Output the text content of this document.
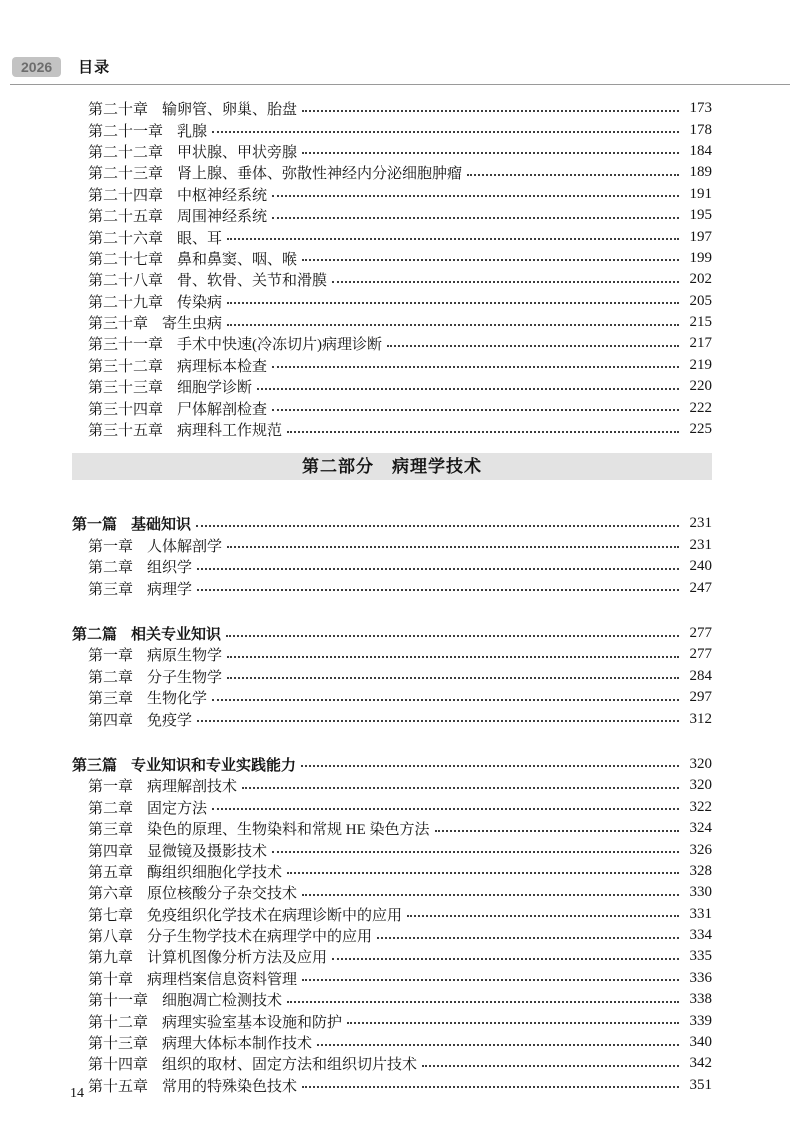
2026	目录
第二十章 输卵管、卵巢、胎盘	173
第二十一章 乳腺	178
第二十二章 甲状腺、甲状旁腺	184
第二十三章 肾上腺、垂体、弥散性神经内分泌细胞肿瘤	189
第二十四章 中枢神经系统	191
第二十五章 周围神经系统	195
第二十六章 眼、耳	197
第二十七章 鼻和鼻窦、咽、喉	199
第二十八章 骨、软骨、关节和滑膜	202
第二十九章 传染病	205
第三十章 寄生虫病	215
第三十一章 手术中快速(冷冻切片)病理诊断	217
第三十二章 病理标本检查	219
第三十三章 细胞学诊断	220
第三十四章 尸体解剖检查	222
第三十五章 病理科工作规范	225
第二部分　病理学技术
第一篇 基础知识	231
第一章 人体解剖学	231
第二章 组织学	240
第三章 病理学	247
第二篇 相关专业知识	277
第一章 病原生物学	277
第二章 分子生物学	284
第三章 生物化学	297
第四章 免疫学	312
第三篇 专业知识和专业实践能力	320
第一章 病理解剖技术	320
第二章 固定方法	322
第三章 染色的原理、生物染料和常规 HE 染色方法	324
第四章 显微镜及摄影技术	326
第五章 酶组织细胞化学技术	328
第六章 原位核酸分子杂交技术	330
第七章 免疫组织化学技术在病理诊断中的应用	331
第八章 分子生物学技术在病理学中的应用	334
第九章 计算机图像分析方法及应用	335
第十章 病理档案信息资料管理	336
第十一章 细胞凋亡检测技术	338
第十二章 病理实验室基本设施和防护	339
第十三章 病理大体标本制作技术	340
第十四章 组织的取材、固定方法和组织切片技术	342
第十五章 常用的特殊染色技术	351
14
